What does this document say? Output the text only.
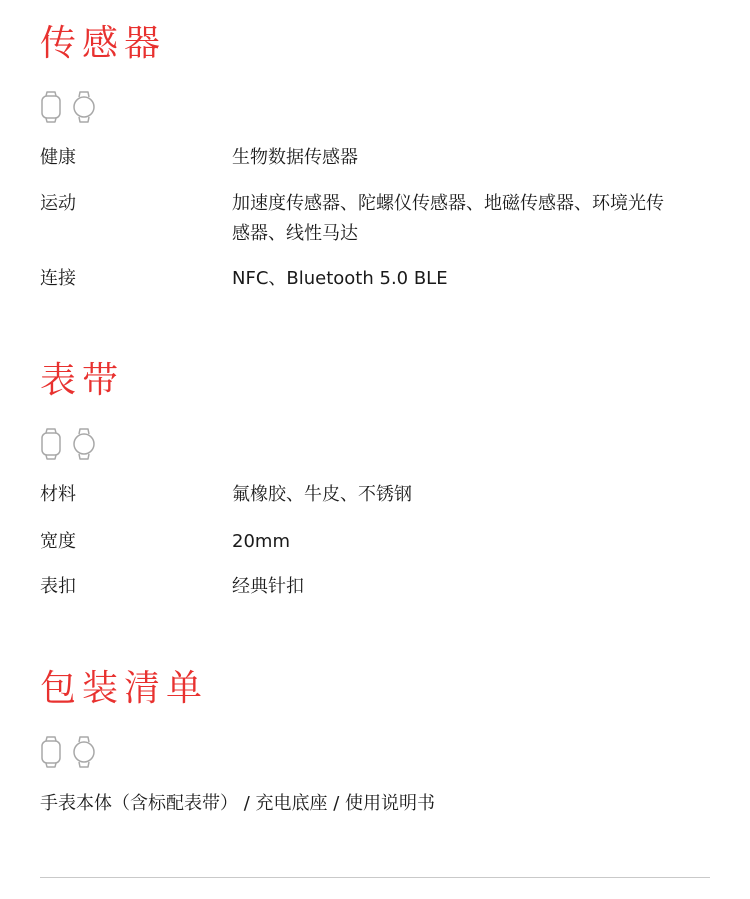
传感器
健康	生物数据传感器
运动	加速度传感器、陀螺仪传感器、地磁传感器、环境光传感器、线性马达
连接	NFC、Bluetooth 5.0 BLE
表带
材料	氟橡胶、牛皮、不锈钢
宽度	20mm
表扣	经典针扣
包装清单
手表本体（含标配表带） / 充电底座 / 使用说明书
